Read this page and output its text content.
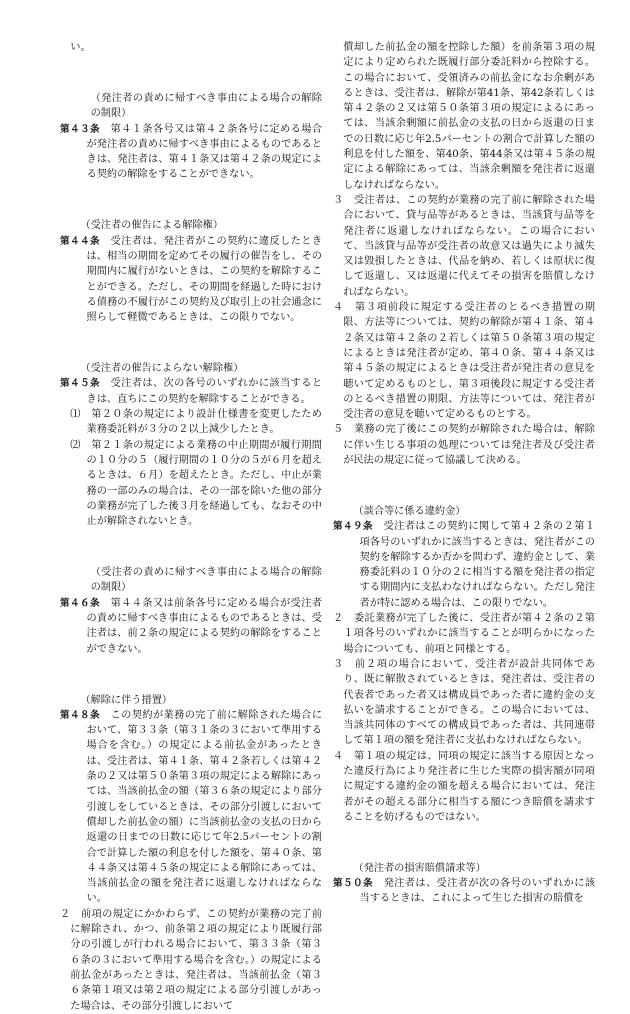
い。

（発注者の責めに帰すべき事由による場合の解除の制限）

第４３条　 第４１条各号又は第４２条各号に定める場合が発注者の責めに帰すべき事由によるものであるときは、発注者は、第４１条又は第４２条の規定による契約の解除をすることができない。

（受注者の催告による解除権）

第４４条　 受注者は、発注者がこの契約に違反したときは、相当の期間を定めてその履行の催告をし、その期間内に履行がないときは、この契約を解除することができる。ただし、その期間を経過した時における債務の不履行がこの契約及び取引上の社会通念に照らして軽微であるときは、この限りでない。

（受注者の催告によらない解除権）

第４５条　 受注者は、次の各号のいずれかに該当するときは、直ちにこの契約を解除することができる。

⑴　第２０条の規定により設計仕様書を変更したため業務委託料が３分の２以上減少したとき。

⑵　第２１条の規定による業務の中止期間が履行期間の１０分の５（履行期間の１０分の５が６月を超えるときは、６月）を超えたとき。ただし、中止が業務の一部のみの場合は、その一部を除いた他の部分の業務が完了した後３月を経過しても、なおその中止が解除されないとき。

（受注者の責めに帰すべき事由による場合の解除の制限）

第４６条　 第４４条又は前条各号に定める場合が受注者の責めに帰すべき事由によるものであるときは、受注者は、前２条の規定による契約の解除をすることができない。

（解除に伴う措置）

第４８条　 この契約が業務の完了前に解除された場合において、第３３条（第３１条の３において準用する場合を含む。）の規定による前払金があったときは、受注者は、第４１条、第４２条若しくは第４２条の２又は第５０条第３項の規定による解除にあっては、当該前払金の額（第３６条の規定により部分引渡しをしているときは、その部分引渡しにおいて償却した前払金の額）に当該前払金の支払の日から返還の日までの日数に応じて年2.5パーセントの割合で計算した額の利息を付した額を、第４０条、第４４条又は第４５条の規定による解除にあっては、当該前払金の額を発注者に返還しなければならない。

２　前項の規定にかかわらず、この契約が業務の完了前に解除され、かつ、前条第２項の規定により既履行部分の引渡しが行われる場合において、第３３条（第３６条の３において準用する場合を含む。）の規定による前払金があったときは、発注者は、当該前払金（第３６条第１項又は第２項の規定による部分引渡しがあった場合は、その部分引渡しにおいて

償却した前払金の額を控除した額）を前条第３項の規定により定められた既履行部分委託料から控除する。この場合において、受領済みの前払金になお余剰があるときは、受注者は、解除が第41条、第42条若しくは第４２条の２又は第５０条第３項の規定によるにあっては、当該余剰額に前払金の支払の日から返還の日までの日数に応じ年2.5パーセントの割合で計算した額の利息を付した額を、第40条、第44条又は第４５条の規定による解除にあっては、当該余剰額を発注者に返還しなければならない。

３　受注者は、この契約が業務の完了前に解除された場合において、貸与品等があるときは、当該貸与品等を発注者に返還しなければならない。この場合において、当該貸与品等が受注者の故意又は過失により滅失又は毀損したときは、代品を納め、若しくは原状に復して返還し、又は返還に代えてその損害を賠償しなければならない。

４　第３項前段に規定する受注者のとるべき措置の期限、方法等については、契約の解除が第４１条、第４２条又は第４２条の２若しくは第５０条第３項の規定によるときは発注者が定め、第４０条、第４４条又は第４５条の規定によるときは受注者が発注者の意見を聴いて定めるものとし、第３項後段に規定する受注者のとるべき措置の期限、方法等については、発注者が受注者の意見を聴いて定めるものとする。

５　業務の完了後にこの契約が解除された場合は、解除に伴い生じる事項の処理については発注者及び受注者が民法の規定に従って協議して決める。

（談合等に係る違約金）

第４９条　 受注者はこの契約に関して第４２条の２第１項各号のいずれかに該当するときは、発注者がこの契約を解除するか否かを問わず、違約金として、業務委託料の１０分の２に相当する額を発注者の指定する期間内に支払わなければならない。ただし発注者が特に認める場合は、この限りでない。

２　委託業務が完了した後に、受注者が第４２条の２第１項各号のいずれかに該当することが明らかになった場合についても、前項と同様とする。

３　前２項の場合において、受注者が設計共同体であり、既に解散されているときは、発注者は、受注者の代表者であった者又は構成員であった者に違約金の支払いを請求することができる。この場合においては、当該共同体のすべての構成員であった者は、共同連帯して第１項の額を発注者に支払わなければならない。

４　第１項の規定は、同項の規定に該当する原因となった違反行為により発注者に生じた実際の損害額が同項に規定する違約金の額を超える場合においては、発注者がその超える部分に相当する額につき賠償を請求することを妨げるものではない。

（発注者の損害賠償請求等）

第５０条　 発注者は、受注者が次の各号のいずれかに該当するときは、これによって生じた損害の賠償を
